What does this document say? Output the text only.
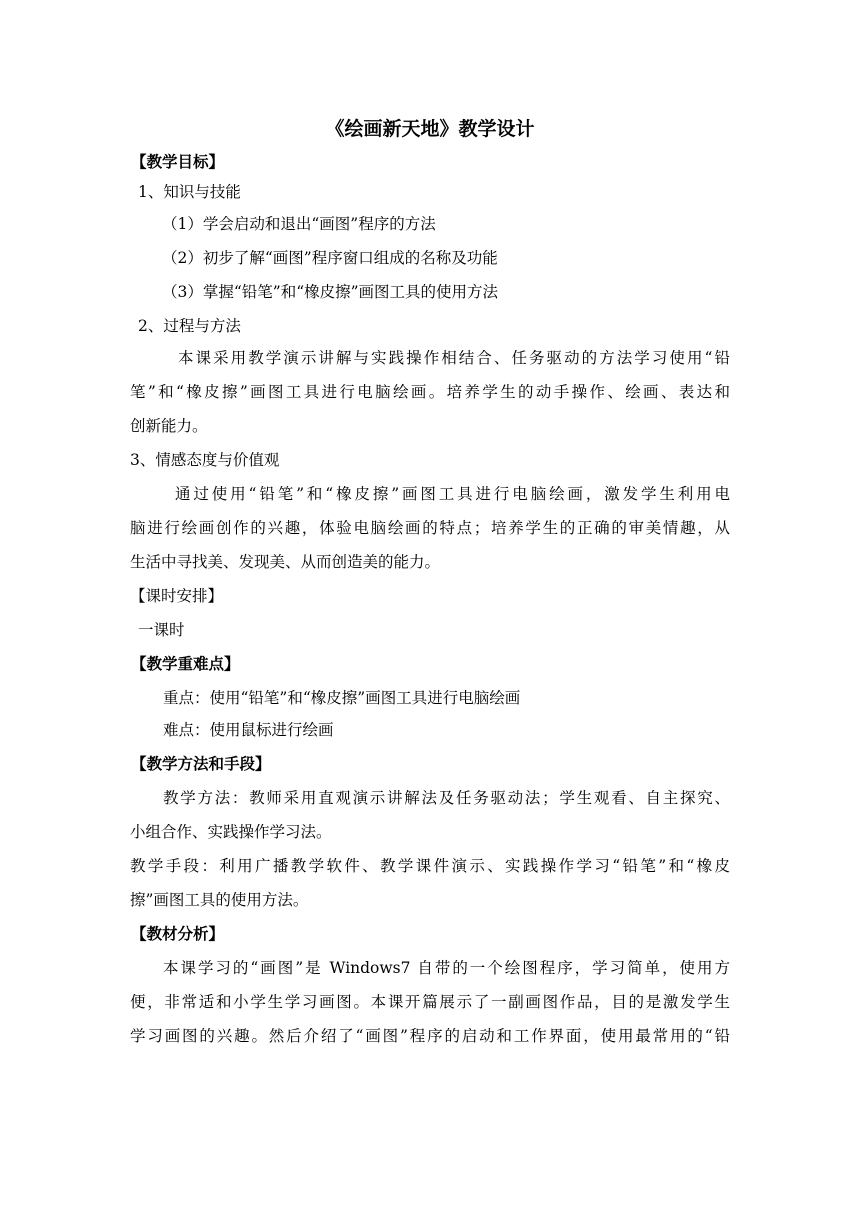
《绘画新天地》教学设计
【教学目标】
1、知识与技能
（1）学会启动和退出“画图”程序的方法
（2）初步了解“画图”程序窗口组成的名称及功能
（3）掌握“铅笔”和“橡皮擦”画图工具的使用方法
2、过程与方法
本课采用教学演示讲解与实践操作相结合、任务驱动的方法学习使用“铅
笔”和“橡皮擦”画图工具进行电脑绘画。培养学生的动手操作、绘画、表达和
创新能力。
3、情感态度与价值观
通过使用“铅笔”和“橡皮擦”画图工具进行电脑绘画，激发学生利用电
脑进行绘画创作的兴趣，体验电脑绘画的特点；培养学生的正确的审美情趣，从
生活中寻找美、发现美、从而创造美的能力。
【课时安排】
一课时
【教学重难点】
重点：使用“铅笔”和“橡皮擦”画图工具进行电脑绘画
难点：使用鼠标进行绘画
【教学方法和手段】
教学方法：教师采用直观演示讲解法及任务驱动法；学生观看、自主探究、
小组合作、实践操作学习法。
教学手段：利用广播教学软件、教学课件演示、实践操作学习“铅笔”和“橡皮
擦”画图工具的使用方法。
【教材分析】
本课学习的“画图”是 Windows7 自带的一个绘图程序，学习简单，使用方
便，非常适和小学生学习画图。本课开篇展示了一副画图作品，目的是激发学生
学习画图的兴趣。然后介绍了“画图”程序的启动和工作界面，使用最常用的“铅
